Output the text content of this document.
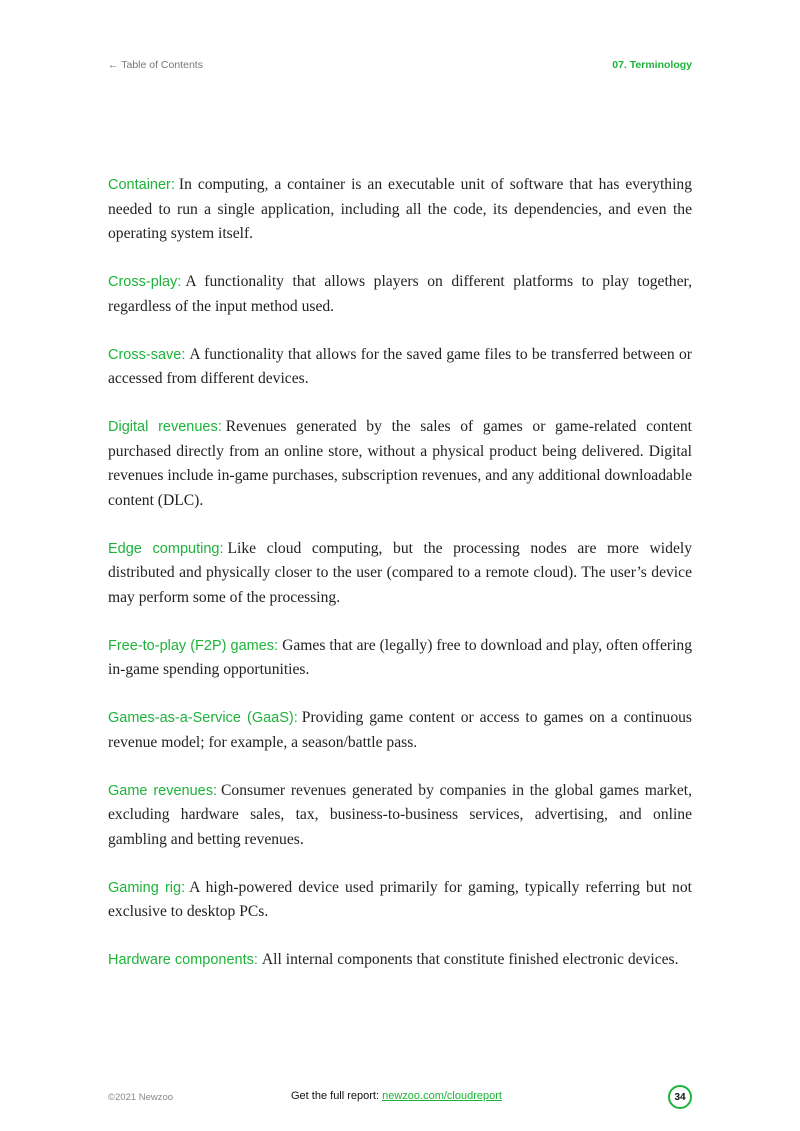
← Table of Contents	07. Terminology

Container: In computing, a container is an executable unit of software that has everything needed to run a single application, including all the code, its dependencies, and even the operating system itself.

Cross-play: A functionality that allows players on different platforms to play together, regardless of the input method used.

Cross-save: A functionality that allows for the saved game files to be transferred between or accessed from different devices.

Digital revenues: Revenues generated by the sales of games or game-related content purchased directly from an online store, without a physical product being delivered. Digital revenues include in-game purchases, subscription revenues, and any additional downloadable content (DLC).

Edge computing: Like cloud computing, but the processing nodes are more widely distributed and physically closer to the user (compared to a remote cloud). The user’s device may perform some of the processing.

Free-to-play (F2P) games: Games that are (legally) free to download and play, often offering in-game spending opportunities.

Games-as-a-Service (GaaS): Providing game content or access to games on a continuous revenue model; for example, a season/battle pass.

Game revenues: Consumer revenues generated by companies in the global games market, excluding hardware sales, tax, business-to-business services, advertising, and online gambling and betting revenues.

Gaming rig: A high-powered device used primarily for gaming, typically referring but not exclusive to desktop PCs.

Hardware components: All internal components that constitute finished electronic devices.

©2021 Newzoo	Get the full report: newzoo.com/cloudreport	34
